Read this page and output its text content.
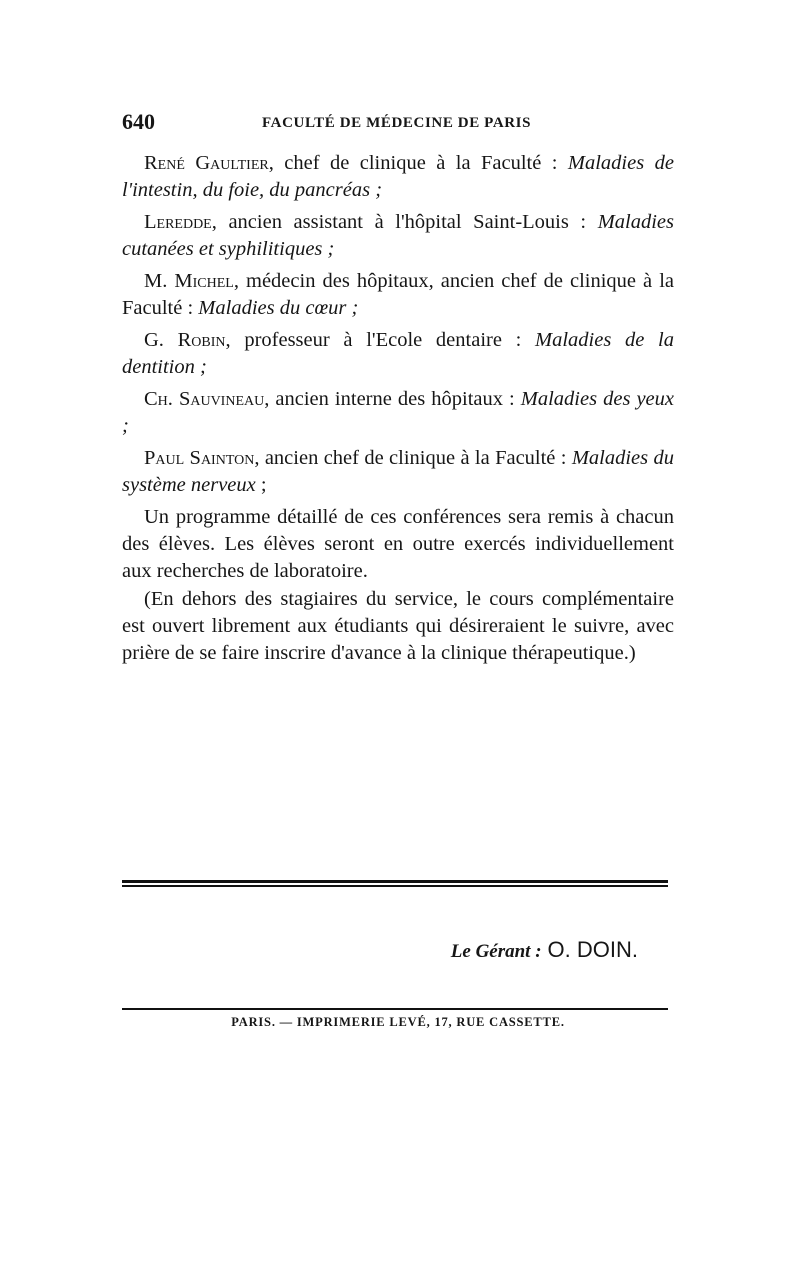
640	FACULTÉ DE MÉDECINE DE PARIS

René Gaultier, chef de clinique à la Faculté : Maladies de l'intestin, du foie, du pancréas ;

Leredde, ancien assistant à l'hôpital Saint-Louis : Maladies cutanées et syphilitiques ;

M. Michel, médecin des hôpitaux, ancien chef de clinique à la Faculté : Maladies du cœur ;

G. Robin, professeur à l'Ecole dentaire : Maladies de la dentition ;

Ch. Sauvineau, ancien interne des hôpitaux : Maladies des yeux ;

Paul Sainton, ancien chef de clinique à la Faculté : Maladies du système nerveux ;

Un programme détaillé de ces conférences sera remis à chacun des élèves. Les élèves seront en outre exercés individuellement aux recherches de laboratoire.

(En dehors des stagiaires du service, le cours complémentaire est ouvert librement aux étudiants qui désireraient le suivre, avec prière de se faire inscrire d'avance à la clinique thérapeutique.)

Le Gérant : O. DOIN.
PARIS. — IMPRIMERIE LEVÉ, 17, RUE CASSETTE.
